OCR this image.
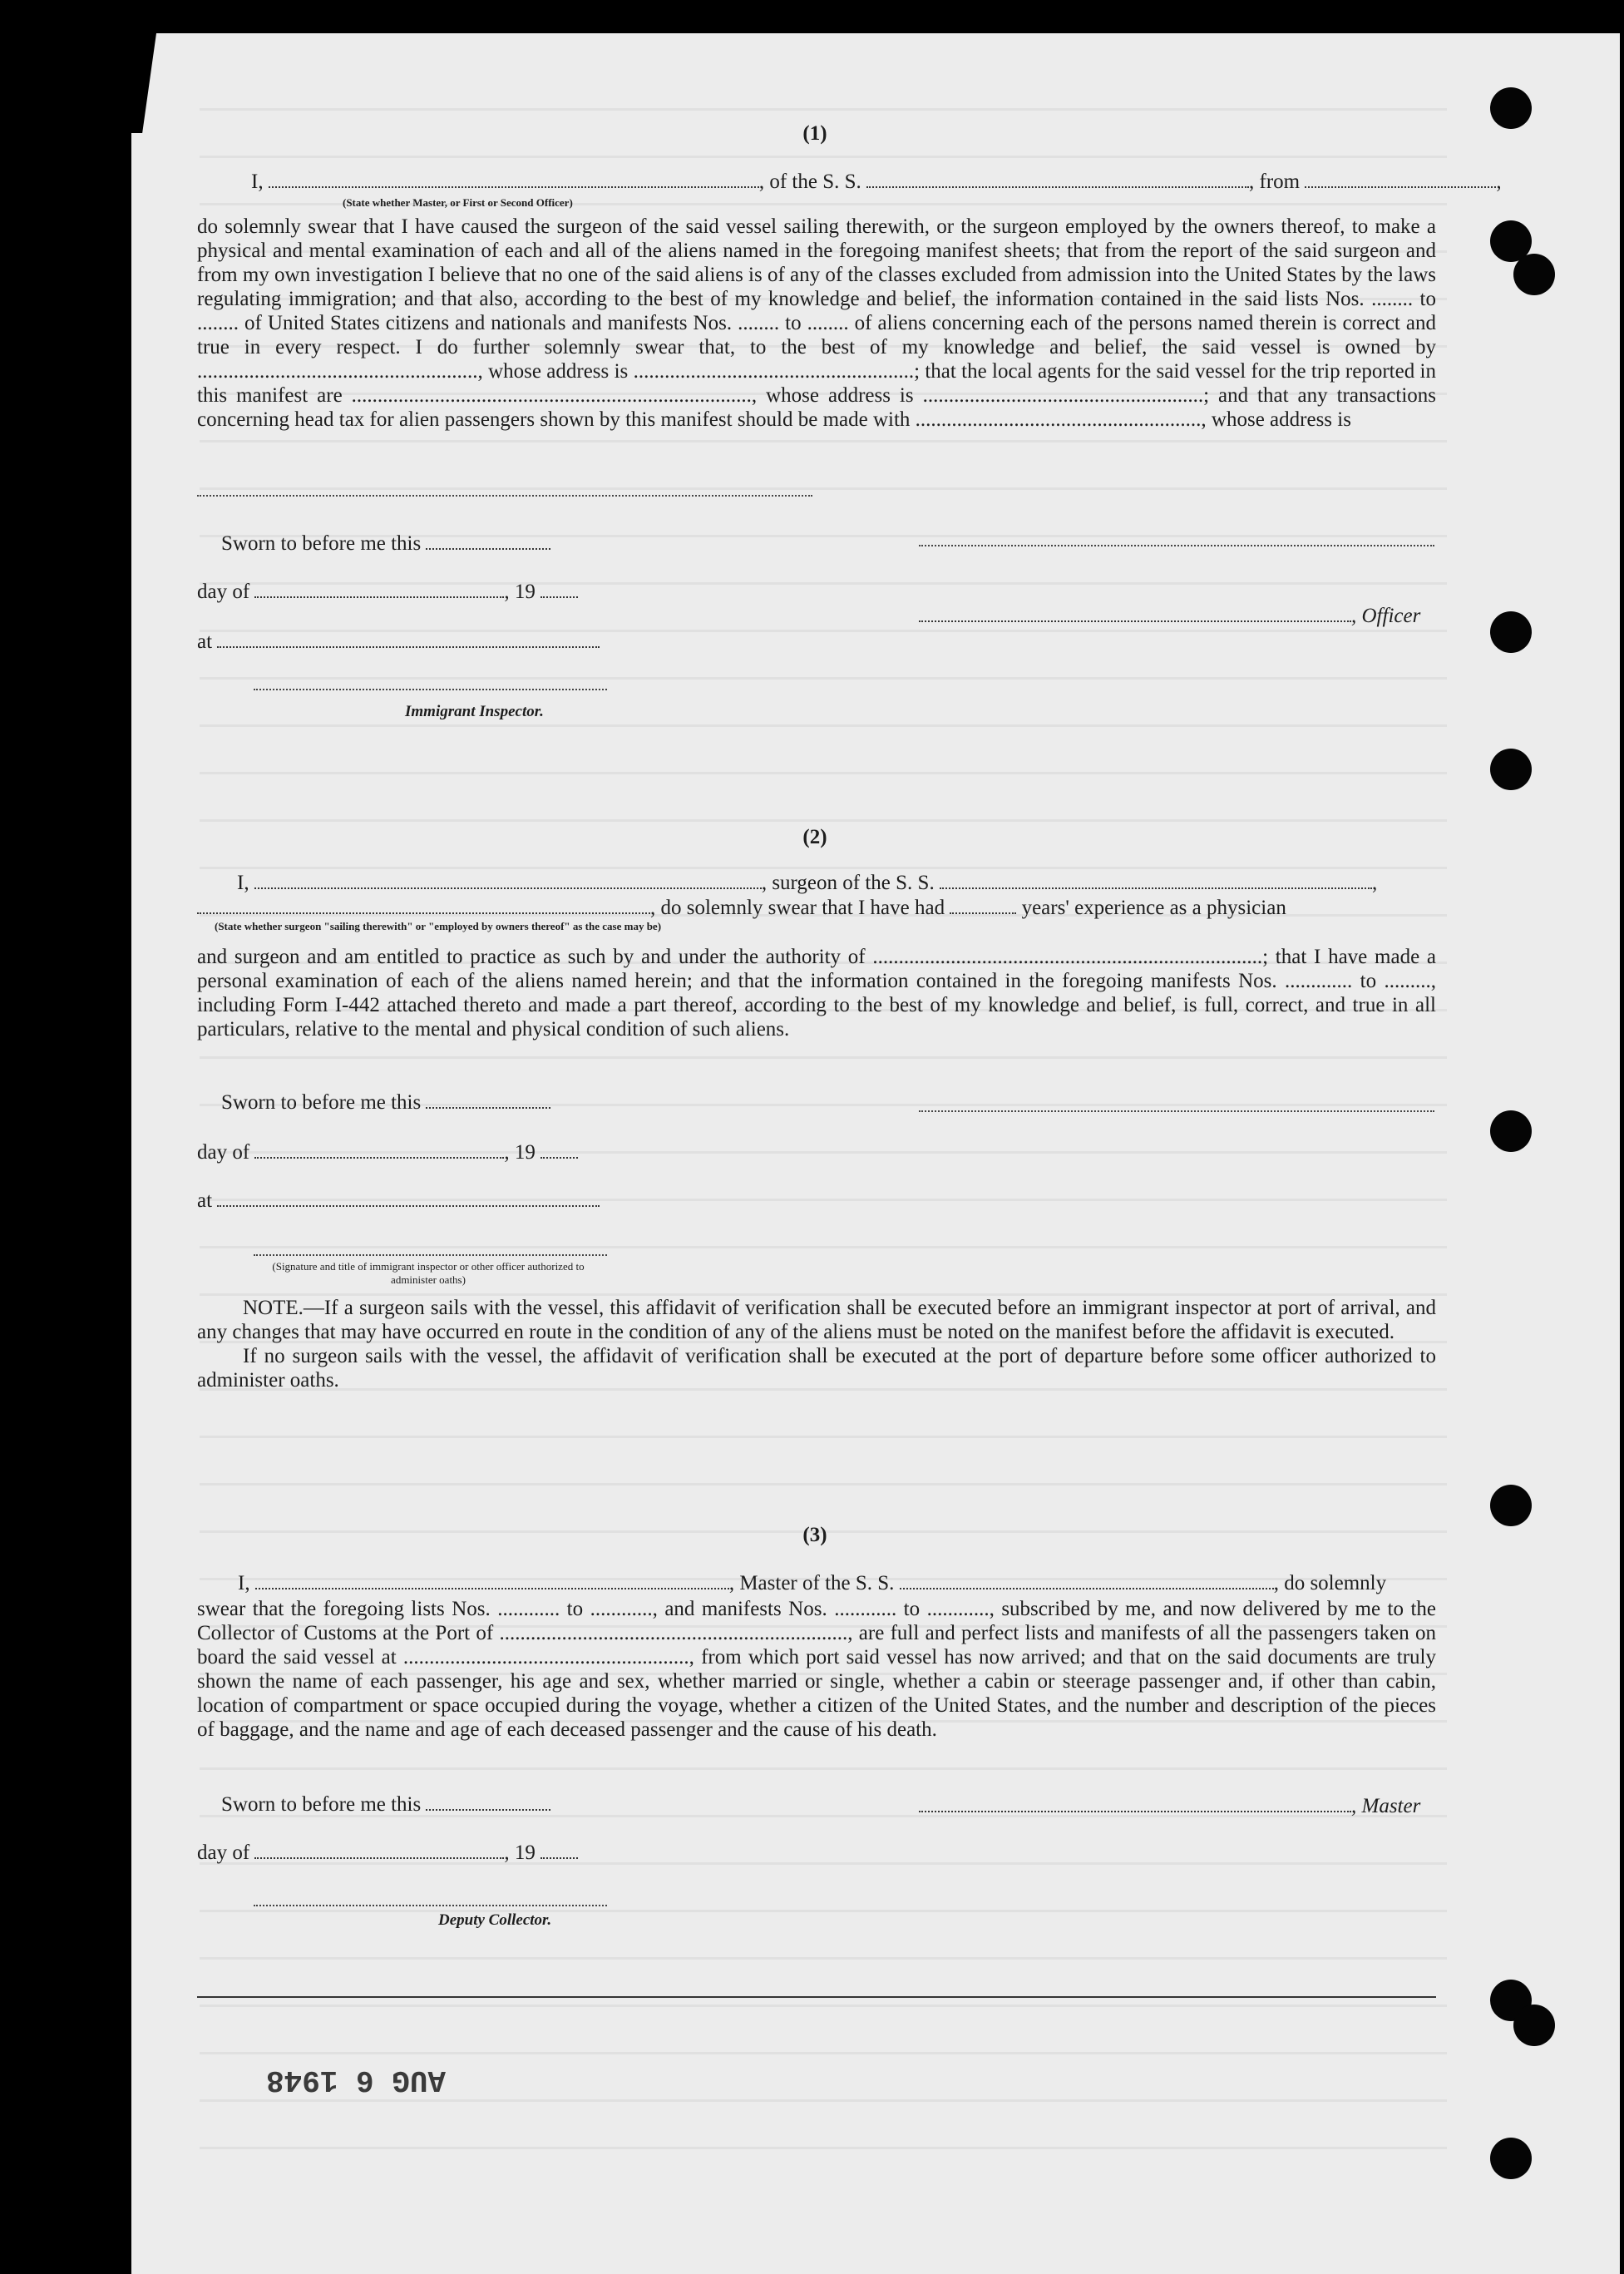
(1)
I,	, of the S. S.	, from	,
(State whether Master, or First or Second Officer)

do solemnly swear that I have caused the surgeon of the said vessel sailing therewith, or the surgeon employed by the owners thereof, to make a physical and mental examination of each and all of the aliens named in the foregoing manifest sheets; that from the report of the said surgeon and from my own investigation I believe that no one of the said aliens is of any of the classes excluded from admission into the United States by the laws regulating immigration; and that also, according to the best of my knowledge and belief, the information contained in the said lists Nos. ........ to ........ of United States citizens and nationals and manifests Nos. ........ to ........ of aliens concerning each of the persons named therein is correct and true in every respect. I do further solemnly swear that, to the best of my knowledge and belief, the said vessel is owned by ......................................................, whose address is ......................................................; that the local agents for the said vessel for the trip reported in this manifest are ............................................................................., whose address is ......................................................; and that any transactions concerning head tax for alien passengers shown by this manifest should be made with ......................................................., whose address is

Sworn to before me this
day of	, 19
, Officer
at
Immigrant Inspector.
(2)
I,	, surgeon of the S. S.	,
, do solemnly swear that I have had	years' experience as a physician
(State whether surgeon "sailing therewith" or "employed by owners thereof" as the case may be)

and surgeon and am entitled to practice as such by and under the authority of ...........................................................................; that I have made a personal examination of each of the aliens named herein; and that the information contained in the foregoing manifests Nos. ............. to ........., including Form I-442 attached thereto and made a part thereof, according to the best of my knowledge and belief, is full, correct, and true in all particulars, relative to the mental and physical condition of such aliens.

Sworn to before me this
day of	, 19
at
(Signature and title of immigrant inspector or other officer authorized to administer oaths)

NOTE.—If a surgeon sails with the vessel, this affidavit of verification shall be executed before an immigrant inspector at port of arrival, and any changes that may have occurred en route in the condition of any of the aliens must be noted on the manifest before the affidavit is executed.

If no surgeon sails with the vessel, the affidavit of verification shall be executed at the port of departure before some officer authorized to administer oaths.

(3)
I,	, Master of the S. S.	, do solemnly

swear that the foregoing lists Nos. ............ to ............, and manifests Nos. ............ to ............, subscribed by me, and now delivered by me to the Collector of Customs at the Port of ..................................................................., are full and perfect lists and manifests of all the passengers taken on board the said vessel at ......................................................., from which port said vessel has now arrived; and that on the said documents are truly shown the name of each passenger, his age and sex, whether married or single, whether a cabin or steerage passenger and, if other than cabin, location of compartment or space occupied during the voyage, whether a citizen of the United States, and the number and description of the pieces of baggage, and the name and age of each deceased passenger and the cause of his death.

Sworn to before me this	, Master
day of	, 19
Deputy Collector.
AUG 6 1948
